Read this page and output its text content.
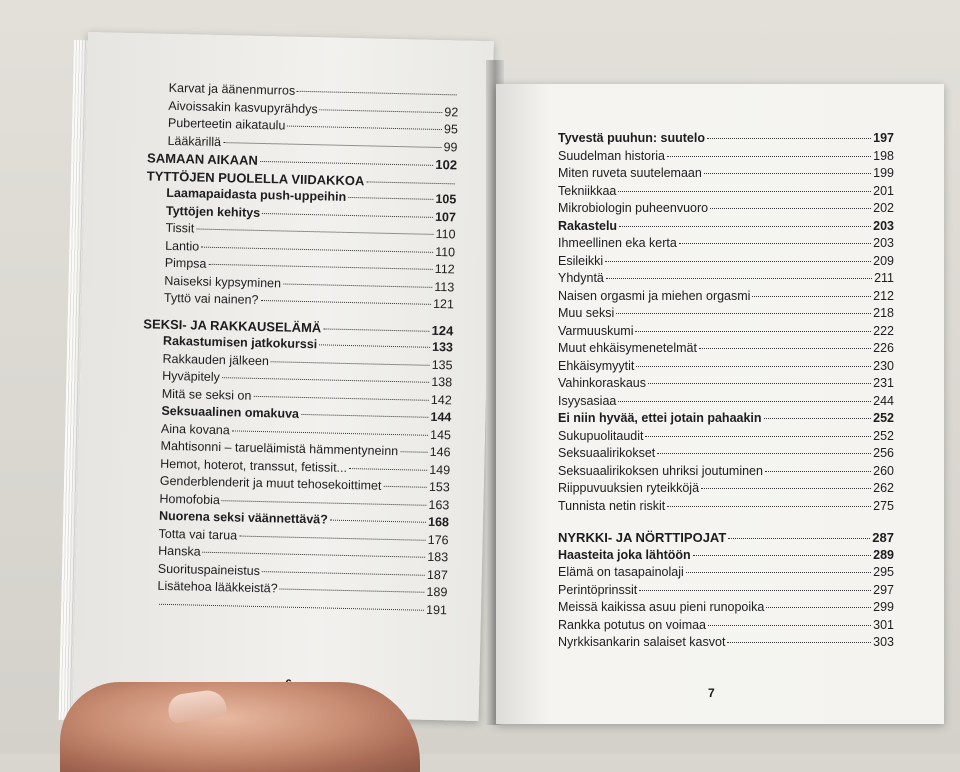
Karvat ja äänenmurros
Aivoissakin kasvupyrähdys	92
Puberteetin aikataulu	95
Lääkärillä	99
SAMAAN AIKAAN	102
TYTTÖJEN PUOLELLA VIIDAKKOA
Laamapaidasta push-uppeihin	105
Tyttöjen kehitys	107
Tissit	110
Lantio	110
Pimpsa	112
Naiseksi kypsyminen	113
Tyttö vai nainen?	121
SEKSI- JA RAKKAUSELÄMÄ	124
Rakastumisen jatkokurssi	133
Rakkauden jälkeen	135
Hyväpitely	138
Mitä se seksi on	142
Seksuaalinen omakuva	144
Aina kovana	145
Mahtisonni – tarueläimistä hämmentyneinn 146
Hemot, hoterot, transsut, fetissit...	149
Genderblenderit ja muut tehosekoittimet	153
Homofobia	163
Nuorena seksi väännettävä?	168
Totta vai tarua	176
Hanska	183
Suorituspaineistus	187
Lisätehoa lääkkeistä?	189
191
Tyvestä puuhun: suutelo	197
Suudelman historia	198
Miten ruveta suutelemaan	199
Tekniikkaa	201
Mikrobiologin puheenvuoro	202
Rakastelu	203
Ihmeellinen eka kerta	203
Esileikki	209
Yhdyntä	211
Naisen orgasmi ja miehen orgasmi	212
Muu seksi	218
Varmuuskumi	222
Muut ehkäisymenetelmät	226
Ehkäisymyytit	230
Vahinkoraskaus	231
Isyysasiaa	244
Ei niin hyvää, ettei jotain pahaakin	252
Sukupuolitaudit	252
Seksuaalirikokset	256
Seksuaalirikoksen uhriksi joutuminen	260
Riippuvuuksien ryteikköjä	262
Tunnista netin riskit	275
NYRKKI- JA NÖRTTIPOJAT	287
Haasteita joka lähtöön	289
Elämä on tasapainolaji	295
Perintöprinssit	297
Meissä kaikissa asuu pieni runopoika	299
Rankka potutus on voimaa	301
Nyrkkisankarin salaiset kasvot	303
7
